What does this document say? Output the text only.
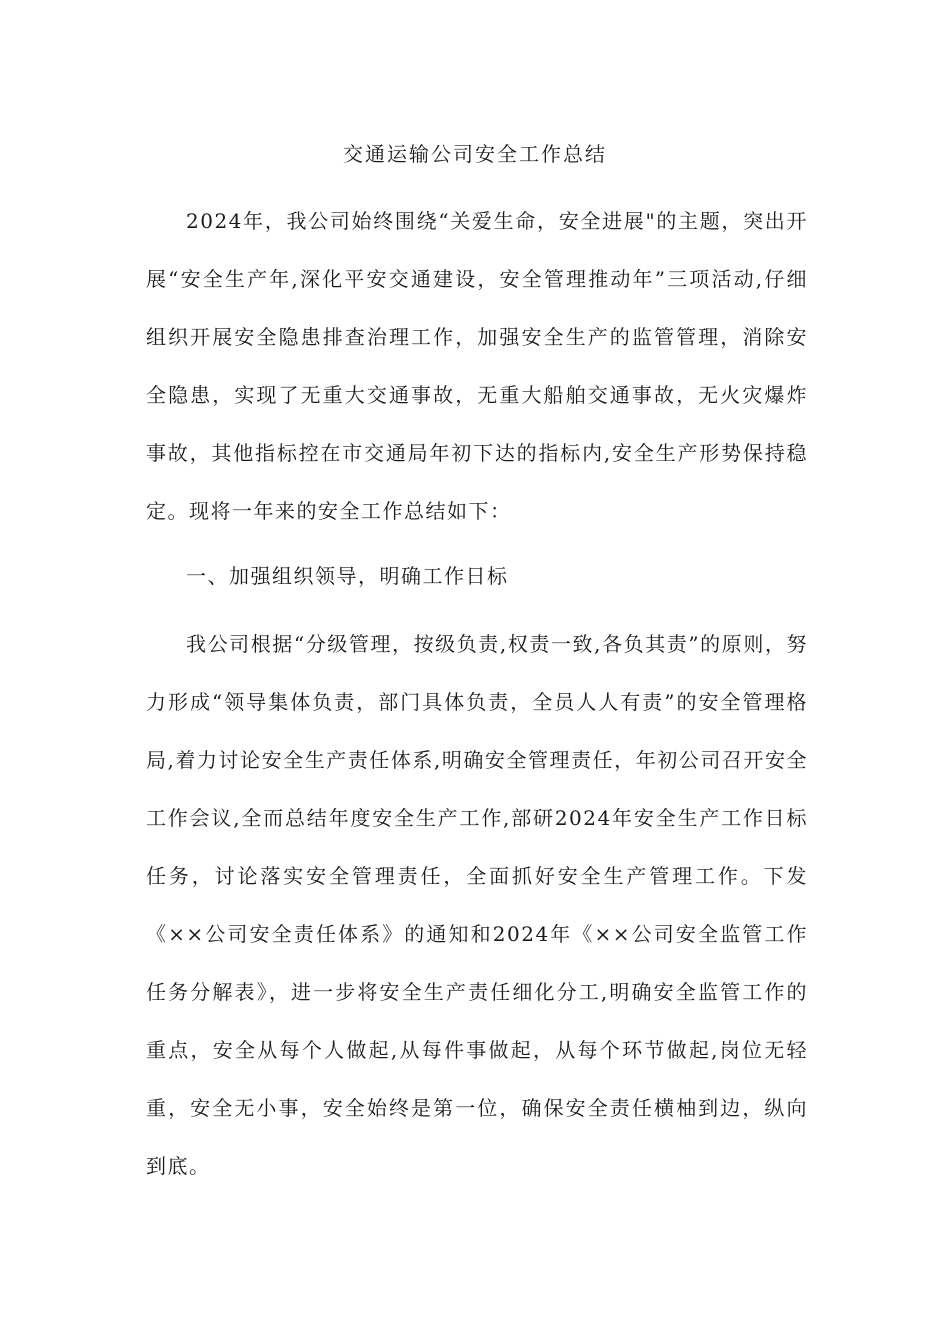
交通运输公司安全工作总结
2024年，我公司始终围绕“关爱生命，安全进展"的主题，突出开展“安全生产年,深化平安交通建设，安全管理推动年”三项活动,仔细组织开展安全隐患排查治理工作，加强安全生产的监管管理，消除安全隐患，实现了无重大交通事故，无重大船舶交通事故，无火灾爆炸事故，其他指标控在市交通局年初下达的指标内,安全生产形势保持稳定。现将一年来的安全工作总结如下：
一、加强组织领导，明确工作日标
我公司根据“分级管理，按级负责,权责一致,各负其责”的原则，努力形成“领导集体负责，部门具体负责，全员人人有责”的安全管理格局,着力讨论安全生产责任体系,明确安全管理责任，年初公司召开安全工作会议,全而总结年度安全生产工作,部研2024年安全生产工作日标任务，讨论落实安全管理责任，全面抓好安全生产管理工作。下发《××公司安全责任体系》的通知和2024年《××公司安全监管工作任务分解表》，进一步将安全生产责任细化分工,明确安全监管工作的重点，安全从每个人做起,从每件事做起，从每个环节做起,岗位无轻重，安全无小事，安全始终是第一位，确保安全责任横柚到边，纵向到底。
